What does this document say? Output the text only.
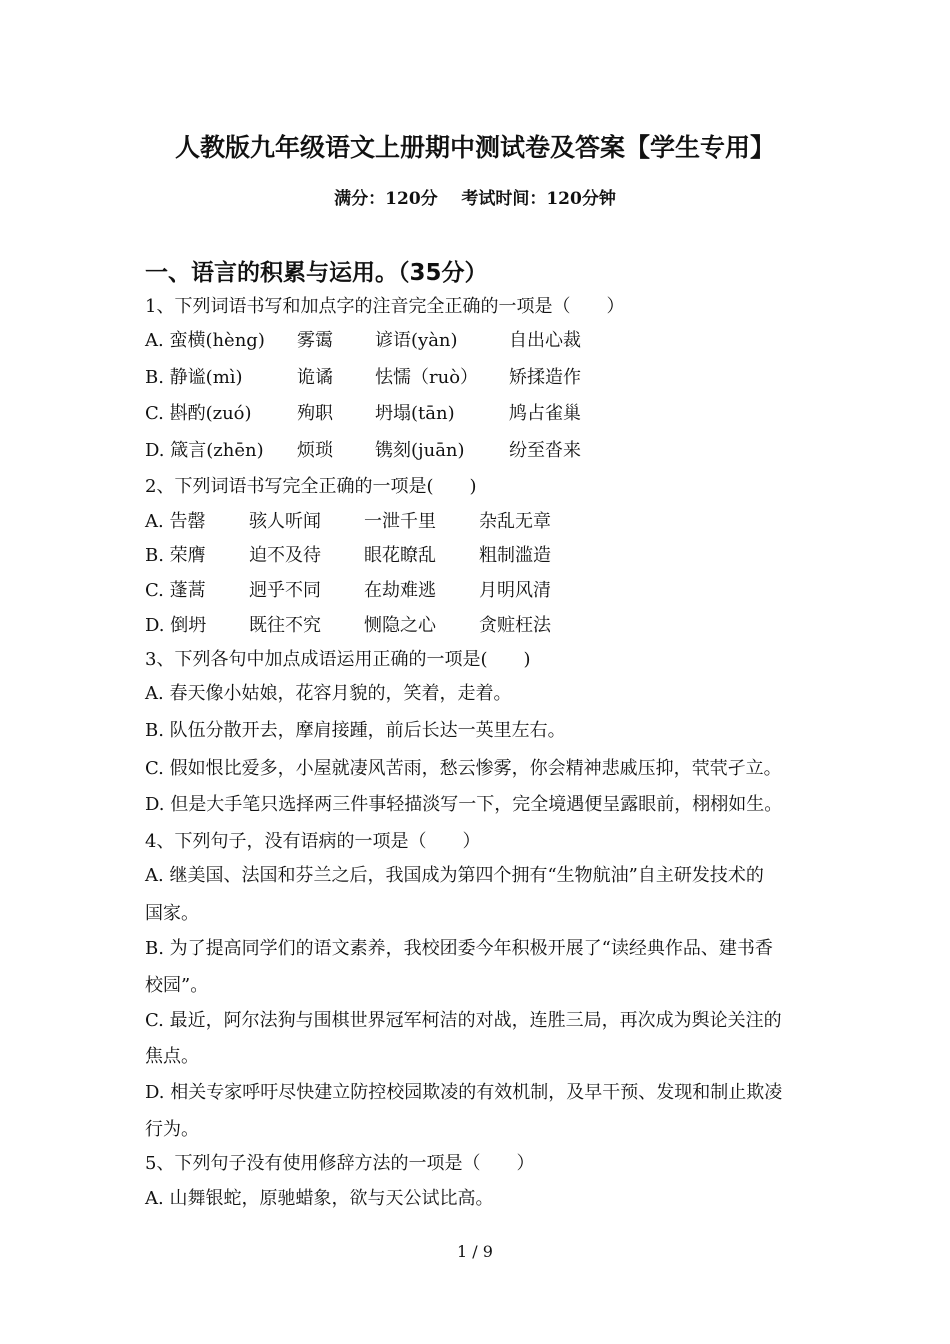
人教版九年级语文上册期中测试卷及答案【学生专用】
满分：120分    考试时间：120分钟
一、语言的积累与运用。（35分）
1、下列词语书写和加点字的注音完全正确的一项是（　　）
A. 蛮横(hèng) 雾霭 谚语(yàn)	自出心裁
B. 静谧(mì)	诡谲 怯懦（ruò） 矫揉造作
C. 斟酌(zuó)	殉职 坍塌(tān)	鸠占雀巢
D. 箴言(zhēn) 烦琐 镌刻(juān) 纷至沓来
2、下列词语书写完全正确的一项是(　　)
A. 告罄 骇人听闻 一泄千里 杂乱无章
B. 荣膺 迫不及待 眼花瞭乱 粗制滥造
C. 蓬蒿 迥乎不同 在劫难逃 月明风清
D. 倒坍 既往不究 恻隐之心 贪赃枉法
3、下列各句中加点成语运用正确的一项是(　　)
A. 春天像小姑娘，花容月貌的，笑着，走着。
B. 队伍分散开去，摩肩接踵，前后长达一英里左右。
C. 假如恨比爱多，小屋就凄风苦雨，愁云惨雾，你会精神悲戚压抑，茕茕孑立。
D. 但是大手笔只选择两三件事轻描淡写一下，完全境遇便呈露眼前，栩栩如生。
4、下列句子，没有语病的一项是（　　）
A. 继美国、法国和芬兰之后，我国成为第四个拥有“生物航油”自主研发技术的
国家。
B. 为了提高同学们的语文素养，我校团委今年积极开展了“读经典作品、建书香
校园”。
C. 最近，阿尔法狗与围棋世界冠军柯洁的对战，连胜三局，再次成为舆论关注的
焦点。
D. 相关专家呼吁尽快建立防控校园欺凌的有效机制，及早干预、发现和制止欺凌
行为。
5、下列句子没有使用修辞方法的一项是（　　）
A. 山舞银蛇，原驰蜡象，欲与天公试比高。
1 / 9
